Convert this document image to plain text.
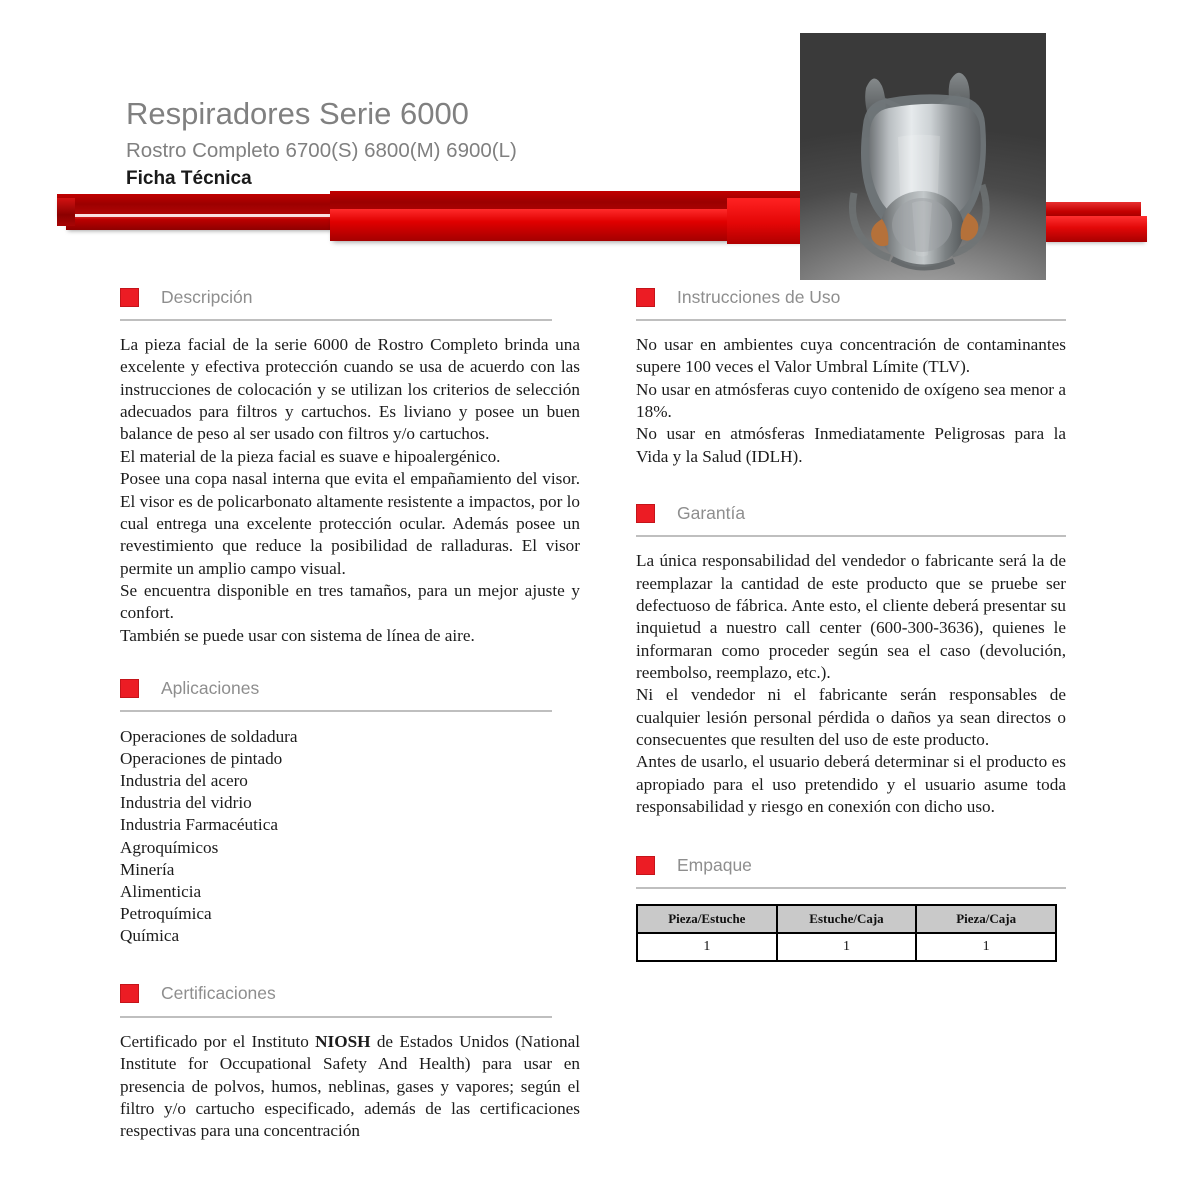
Respiradores Serie 6000
Rostro Completo 6700(S) 6800(M) 6900(L)
Ficha Técnica
Descripción

La pieza facial de la serie 6000 de Rostro Completo brinda una excelente y efectiva protección cuando se usa de acuerdo con las instrucciones de colocación y se utilizan los criterios de selección adecuados para filtros y cartuchos. Es liviano y posee un buen balance de peso al ser usado con filtros y/o cartuchos.

El material de la pieza facial es suave e hipoalergénico.

Posee una copa nasal interna que evita el empañamiento del visor. El visor es de policarbonato altamente resistente a impactos, por lo cual entrega una excelente protección ocular. Además posee un revestimiento que reduce la posibilidad de ralladuras. El visor permite un amplio campo visual.

Se encuentra disponible en tres tamaños, para un mejor ajuste y confort.

También se puede usar con sistema de línea de aire.

Aplicaciones
Operaciones de soldadura
Operaciones de pintado
Industria del acero
Industria del vidrio
Industria Farmacéutica
Agroquímicos
Minería
Alimenticia
Petroquímica
Química
Certificaciones

Certificado por el Instituto NIOSH de Estados Unidos (National Institute for Occupational Safety And Health) para usar en presencia de polvos, humos, neblinas, gases y vapores; según el filtro y/o cartucho especificado, además de las certificaciones respectivas para una concentración

Instrucciones de Uso

No usar en ambientes cuya concentración de contaminantes supere 100 veces el Valor Umbral Límite (TLV).

No usar en atmósferas cuyo contenido de oxígeno sea menor a 18%.

No usar en atmósferas Inmediatamente Peligrosas para la Vida y la Salud (IDLH).

Garantía

La única responsabilidad del vendedor o fabricante será la de reemplazar la cantidad de este producto que se pruebe ser defectuoso de fábrica. Ante esto, el cliente deberá presentar su inquietud a nuestro call center (600-300-3636), quienes le informaran como proceder según sea el caso (devolución, reembolso, reemplazo, etc.).

Ni el vendedor ni el fabricante serán responsables de cualquier lesión personal pérdida o daños ya sean directos o consecuentes que resulten del uso de este producto.

Antes de usarlo, el usuario deberá determinar si el producto es apropiado para el uso pretendido y el usuario asume toda responsabilidad y riesgo en conexión con dicho uso.

Empaque
Pieza/Estuche	Estuche/Caja	Pieza/Caja
1	1	1
